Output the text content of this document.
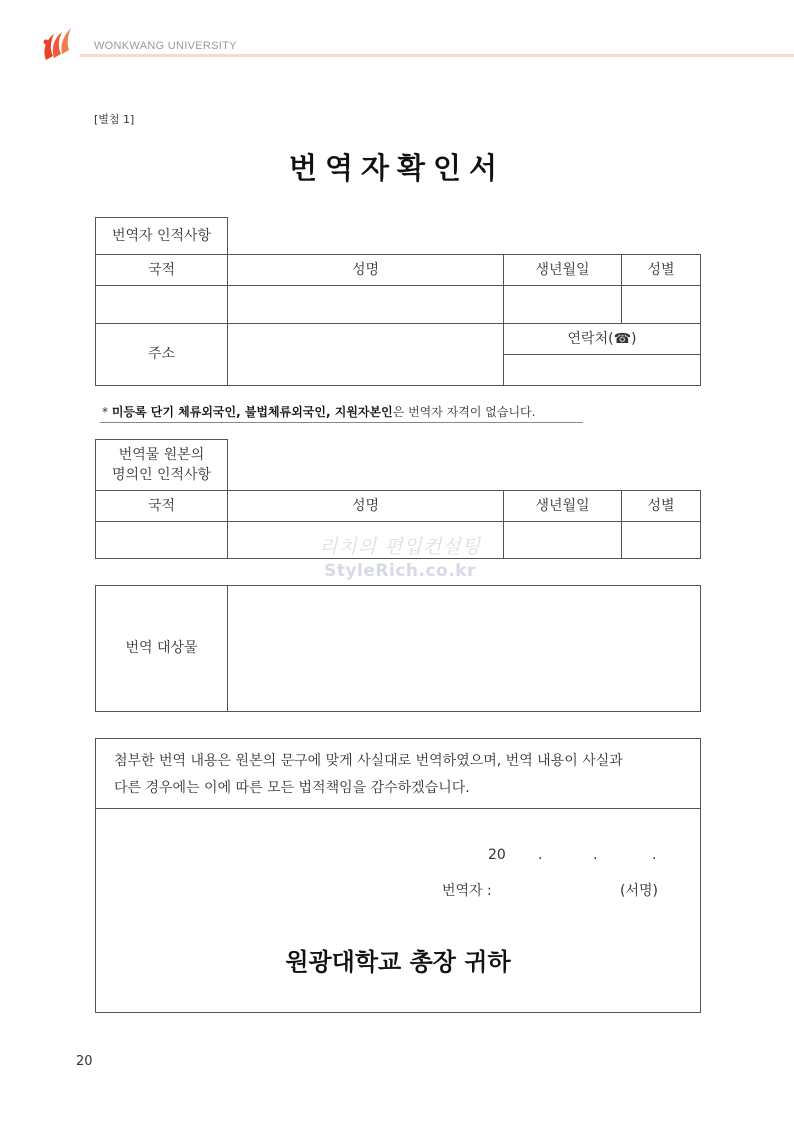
WONKWANG UNIVERSITY
[별첨 1]
번역자확인서
번역자 인적사항
국적	성명	생년월일	성별
주소
연락처(☎)
* 미등록 단기 체류외국인, 불법체류외국인, 지원자본인은 번역자 자격이 없습니다.
번역물 원본의
명의인 인적사항
국적	성명	생년월일	성별
리치의 편입컨설팅
StyleRich.co.kr
번역 대상물
첨부한 번역 내용은 원본의 문구에 맞게 사실대로 번역하였으며, 번역 내용이 사실과
다른 경우에는 이에 따른 모든 법적책임을 감수하겠습니다.
20 .	.	.
번역자 :	(서명)
원광대학교 총장 귀하
20
